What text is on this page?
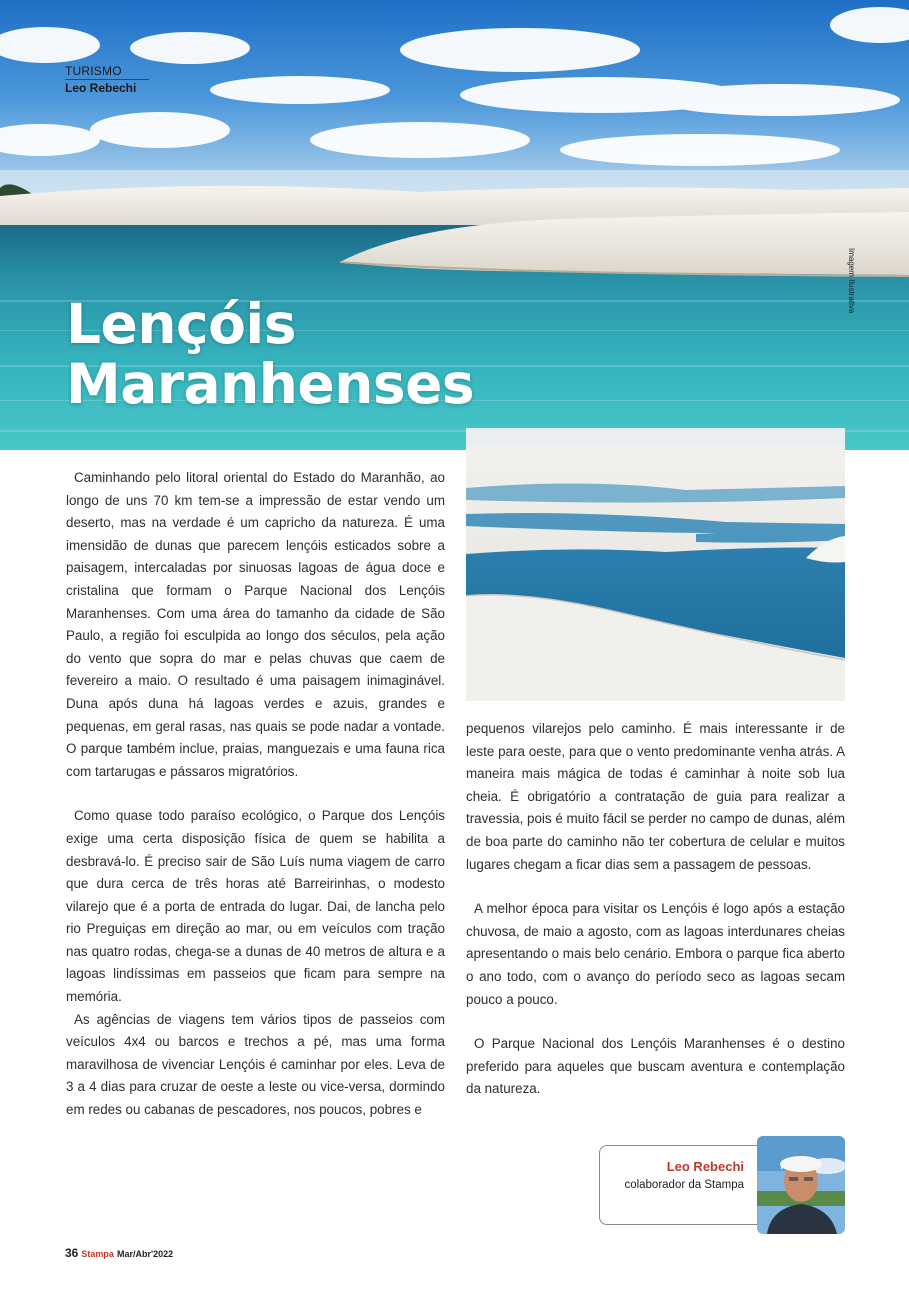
TURISMO
Leo Rebechi
Lençóis
Maranhenses
Imagem Ilustrativa

Caminhando pelo litoral oriental do Estado do Maranhão, ao longo de uns 70 km tem-se a impressão de estar vendo um deserto, mas na verdade é um capricho da natureza. É uma imensidão de dunas que parecem lençóis esticados sobre a paisagem, intercaladas por sinuosas lagoas de água doce e cristalina que formam o Parque Nacional dos Lençóis Maranhenses. Com uma área do tamanho da cidade de São Paulo, a região foi esculpida ao longo dos séculos, pela ação do vento que sopra do mar e pelas chuvas que caem de fevereiro a maio. O resultado é uma paisagem inimaginável. Duna após duna há lagoas verdes e azuis, grandes e pequenas, em geral rasas, nas quais se pode nadar a vontade. O parque também inclue, praias, manguezais e uma fauna rica com tartarugas e pássaros migratórios.

Como quase todo paraíso ecológico, o Parque dos Lençóis exige uma certa disposição física de quem se habilita a desbravá-lo. É preciso sair de São Luís numa viagem de carro que dura cerca de três horas até Barreirinhas, o modesto vilarejo que é a porta de entrada do lugar. Dai, de lancha pelo rio Preguiças em direção ao mar, ou em veículos com tração nas quatro rodas, chega-se a dunas de 40 metros de altura e a lagoas lindíssimas em passeios que ficam para sempre na memória.

As agências de viagens tem vários tipos de passeios com veículos 4x4 ou barcos e trechos a pé, mas uma forma maravilhosa de vivenciar Lençóis é caminhar por eles. Leva de 3 a 4 dias para cruzar de oeste a leste ou vice-versa, dormindo em redes ou cabanas de pescadores, nos poucos, pobres e

pequenos vilarejos pelo caminho. É mais interessante ir de leste para oeste, para que o vento predominante venha atrás. A maneira mais mágica de todas é caminhar à noite sob lua cheia. É obrigatório a contratação de guia para realizar a travessia, pois é muito fácil se perder no campo de dunas, além de boa parte do caminho não ter cobertura de celular e muitos lugares chegam a ficar dias sem a passagem de pessoas.

A melhor época para visitar os Lençóis é logo após a estação chuvosa, de maio a agosto, com as lagoas interdunares cheias apresentando o mais belo cenário. Embora o parque fica aberto o ano todo, com o avanço do período seco as lagoas secam pouco a pouco.

O Parque Nacional dos Lençóis Maranhenses é o destino preferido para aqueles que buscam aventura e contemplação da natureza.

Leo Rebechi
colaborador da Stampa
36 Stampa Mar/Abr'2022
